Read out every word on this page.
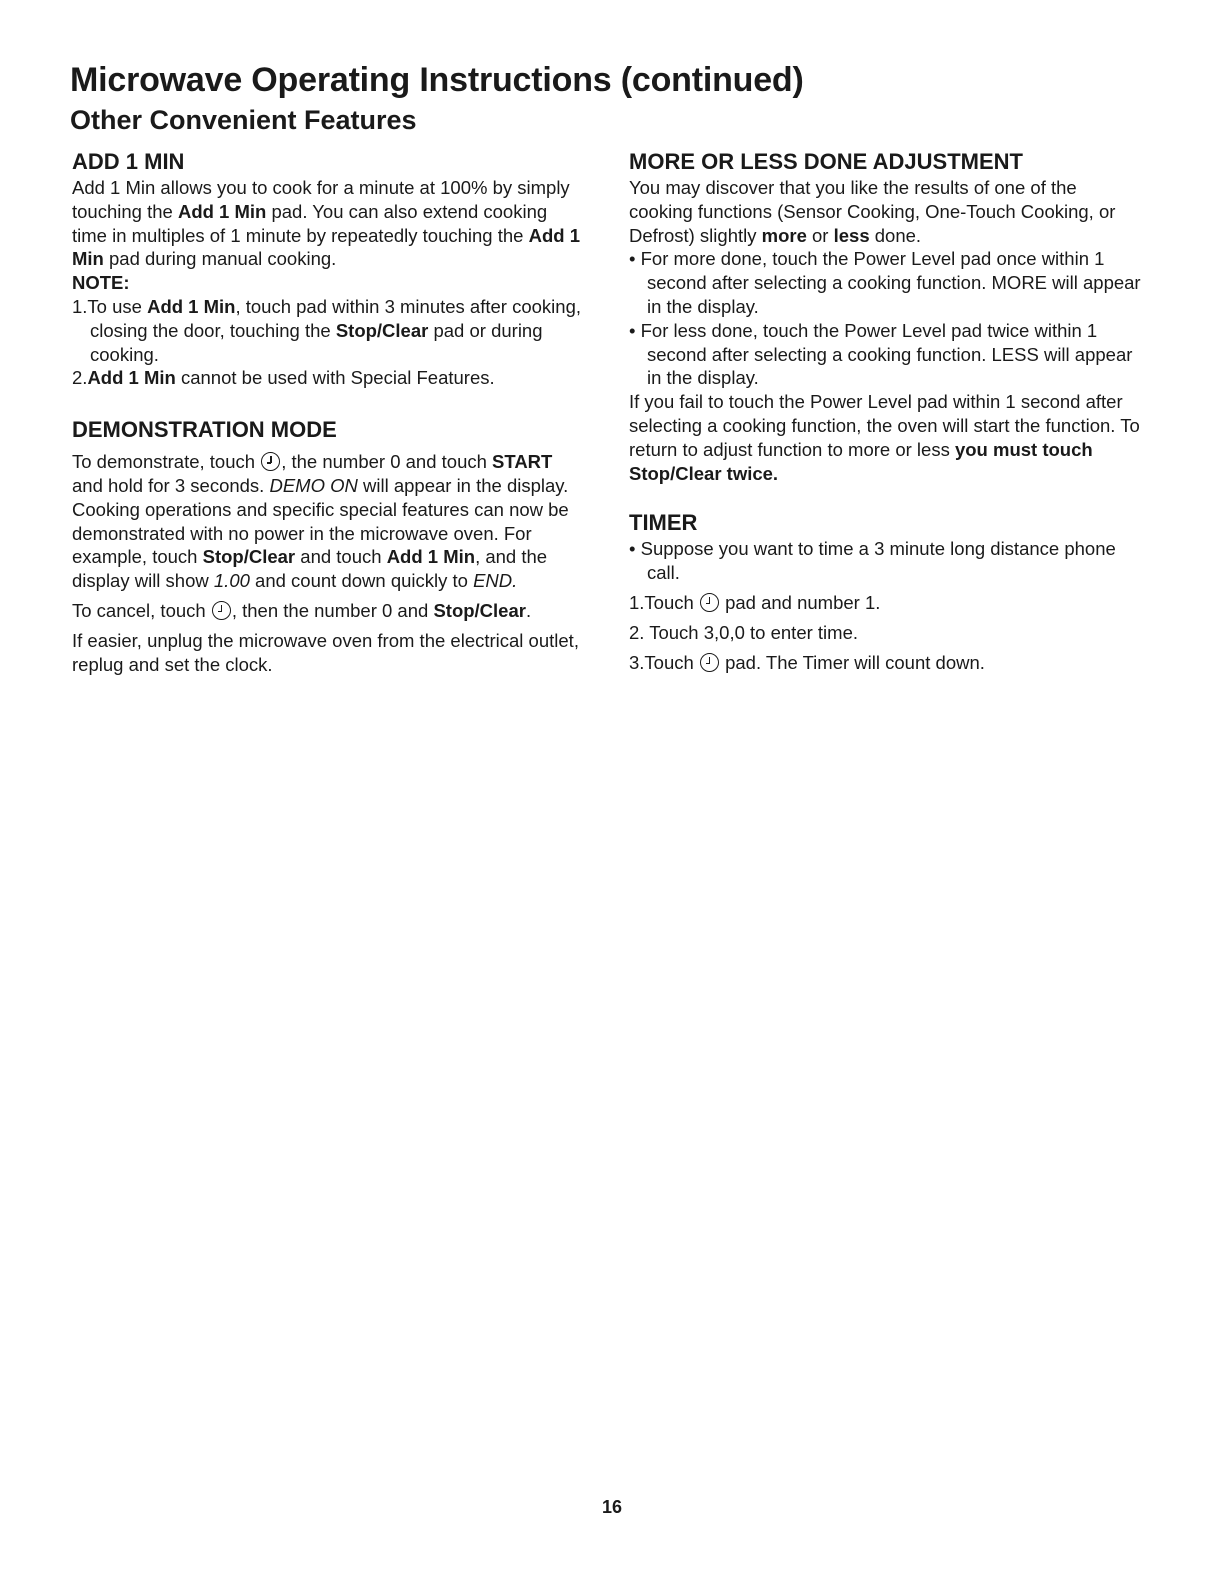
Microwave Operating Instructions (continued)
Other Convenient Features
ADD 1 MIN

Add 1 Min allows you to cook for a minute at 100% by simply touching the Add 1 Min pad. You can also extend cooking time in multiples of 1 minute by repeatedly touching the Add 1 Min pad during manual cooking.

NOTE:

1.To use Add 1 Min, touch pad within 3 minutes after cooking, closing the door, touching the Stop/Clear pad or during cooking.

2.Add 1 Min cannot be used with Special Features.

DEMONSTRATION MODE

To demonstrate, touch , the number 0 and touch START and hold for 3 seconds. DEMO ON will appear in the display. Cooking operations and specific special features can now be demonstrated with no power in the microwave oven. For example, touch Stop/Clear and touch Add 1 Min, and the display will show 1.00 and count down quickly to END.

To cancel, touch , then the number 0 and Stop/Clear.

If easier, unplug the microwave oven from the electrical outlet, replug and set the clock.

MORE OR LESS DONE ADJUSTMENT

You may discover that you like the results of one of the cooking functions (Sensor Cooking, One-Touch Cooking, or Defrost) slightly more or less done.

• For more done, touch the Power Level pad once within 1 second after selecting a cooking function. MORE will appear in the display.

• For less done, touch the Power Level pad twice within 1 second after selecting a cooking function. LESS will appear in the display.

If you fail to touch the Power Level pad within 1 second after selecting a cooking function, the oven will start the function. To return to adjust function to more or less you must touch Stop/Clear twice.

TIMER

• Suppose you want to time a 3 minute long distance phone call.

1.Touch  pad and number 1.

2. Touch 3,0,0 to enter time.

3.Touch  pad. The Timer will count down.

16
